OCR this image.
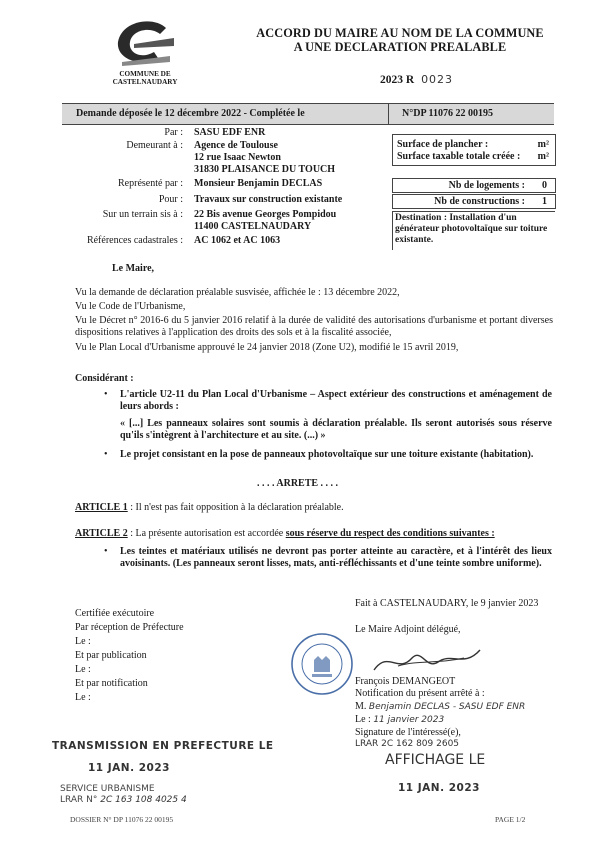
COMMUNE DE
CASTELNAUDARY
ACCORD DU MAIRE AU NOM DE LA COMMUNE
A UNE DECLARATION PREALABLE
2023 R 0023
Demande déposée le 12 décembre 2022 - Complétée le	N°DP 11076 22 00195
Par : SASU EDF ENR
Demeurant à : Agence de Toulouse
12 rue Isaac Newton
31830 PLAISANCE DU TOUCH
Représenté par : Monsieur Benjamin DECLAS
Pour : Travaux sur construction existante
Sur un terrain sis à : 22 Bis avenue Georges Pompidou
11400 CASTELNAUDARY
Références cadastrales : AC 1062 et AC 1063
Surface de plancher :	m²
Surface taxable totale créée : m²
Nb de logements : 0
Nb de constructions : 1
Destination : Installation d'un générateur photovoltaïque sur toiture existante.
Le Maire,
Vu la demande de déclaration préalable susvisée, affichée le : 13 décembre 2022,
Vu le Code de l'Urbanisme,
Vu le Décret n° 2016-6 du 5 janvier 2016 relatif à la durée de validité des autorisations d'urbanisme et portant diverses dispositions relatives à l'application des droits des sols et à la fiscalité associée,
Vu le Plan Local d'Urbanisme approuvé le 24 janvier 2018 (Zone U2), modifié le 15 avril 2019,
Considérant :
• L'article U2-11 du Plan Local d'Urbanisme – Aspect extérieur des constructions et aménagement de leurs abords :
« [...] Les panneaux solaires sont soumis à déclaration préalable. Ils seront autorisés sous réserve qu'ils s'intègrent à l'architecture et au site. (...) »
• Le projet consistant en la pose de panneaux photovoltaïque sur une toiture existante (habitation).
. . . . ARRETE . . . .
ARTICLE 1 : Il n'est pas fait opposition à la déclaration préalable.
ARTICLE 2 : La présente autorisation est accordée sous réserve du respect des conditions suivantes :
• Les teintes et matériaux utilisés ne devront pas porter atteinte au caractère, et à l'intérêt des lieux avoisinants. (Les panneaux seront lisses, mats, anti-réfléchissants et d'une teinte sombre uniforme).
Fait à CASTELNAUDARY, le 9 janvier 2023
Certifiée exécutoire
Par réception de Préfecture
Le :
Et par publication
Le :
Et par notification
Le :
Le Maire Adjoint délégué,
François DEMANGEOT
Notification du présent arrêté à :
M. Benjamin DECLAS - SASU EDF ENR
Le : 11 janvier 2023
Signature de l'intéressé(e),
LRAR 2C 162 809 2605
TRANSMISSION EN PREFECTURE LE
11 JAN. 2023	AFFICHAGE LE
11 JAN. 2023
SERVICE URBANISME
LRAR N° 2C 163 108 4025 4
DOSSIER N° DP 11076 22 00195	PAGE 1/2
